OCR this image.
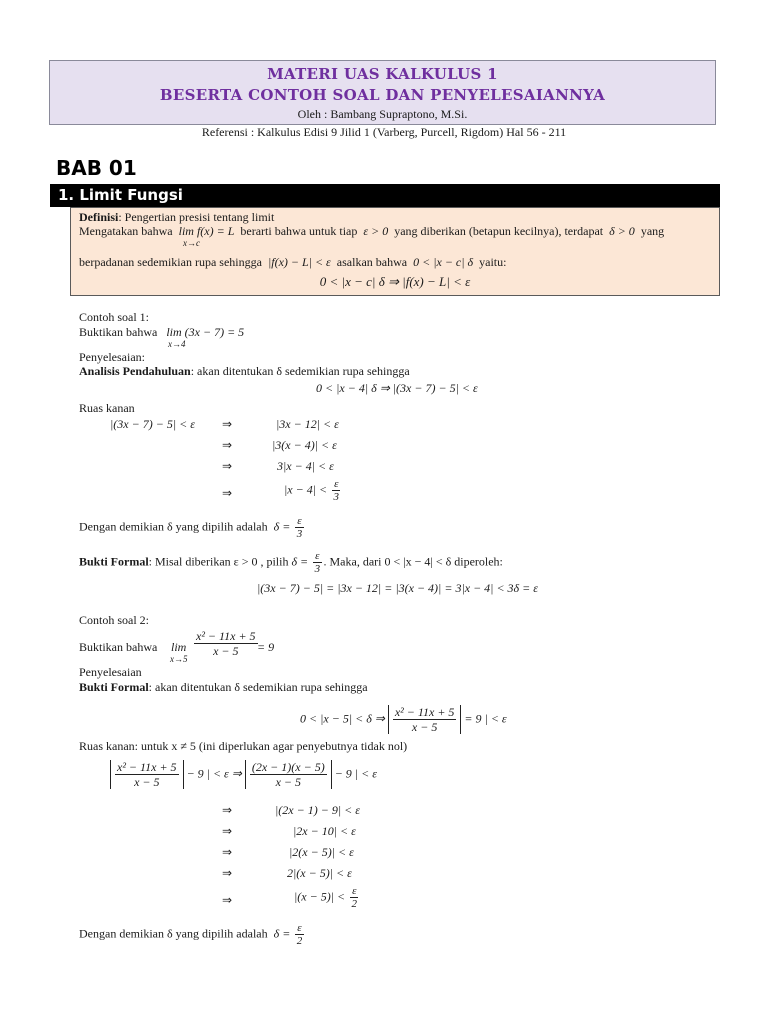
MATERI UAS KALKULUS 1
BESERTA CONTOH SOAL DAN PENYELESAIANNYA
Oleh : Bambang Supraptono, M.Si.
Referensi : Kalkulus Edisi 9 Jilid 1 (Varberg, Purcell, Rigdom) Hal 56 - 211
BAB 01
1. Limit Fungsi
Definisi: Pengertian presisi tentang limit
Mengatakan bahwa lim f(x) = L berarti bahwa untuk tiap ε > 0 yang diberikan (betapun kecilnya), terdapat δ > 0 yang
x→c
berpadanan sedemikian rupa sehingga |f(x) − L| < ε asalkan bahwa 0 < |x − c| δ yaitu:
0 < |x − c| δ ⇒ |f(x) − L| < ε
Contoh soal 1:
Buktikan bahwa lim (3x − 7) = 5
x→4
Penyelesaian:
Analisis Pendahuluan: akan ditentukan δ sedemikian rupa sehingga
0 < |x − 4| δ ⇒ |(3x − 7) − 5| < ε
Ruas kanan
|(3x − 7) − 5| < ε ⇒	|3x − 12| < ε
⇒	|3(x − 4)| < ε
⇒	3|x − 4| < ε
⇒	$|x - 4| < \frac{\varepsilon}{3}$
Dengan demikian δ yang dipilih adalah $\delta = \frac{\varepsilon}{3}$
Bukti Formal: Misal diberikan ε > 0 , pilih $\delta = \frac{\varepsilon}{3}$ . Maka, dari 0 < |x − 4| < δ diperoleh:
|(3x − 7) − 5| = |3x − 12| = |3(x − 4)| = 3|x − 4| < 3δ = ε
Contoh soal 2:
Buktikan bahwa lim
x→5
$\frac{\text{x² − 11x + 5}}{x - 5} = 9$
Penyelesaian
Bukti Formal: akan ditentukan δ sedemikian rupa sehingga
0 < |x − 5| < δ ⇒ $\frac{\text{x² − 11x + 5}}{x - 5} = 9$ | < ε
Ruas kanan: untuk x ≠ 5 (ini diperlukan agar penyebutnya tidak nol)
$\frac{\text{x² − 11x + 5}}{x - 5} - 9$ | < ε ⇒ $\frac{(2x - 1)(x - 5)}{x - 5} - 9$ | < ε
⇒	|(2x − 1) − 9| < ε
⇒	|2x − 10| < ε
⇒	|2(x − 5)| < ε
⇒	2|(x − 5)| < ε
⇒	$|(x - 5)| < \frac{\varepsilon}{2}$
Dengan demikian δ yang dipilih adalah $\delta = \frac{\varepsilon}{2}$
